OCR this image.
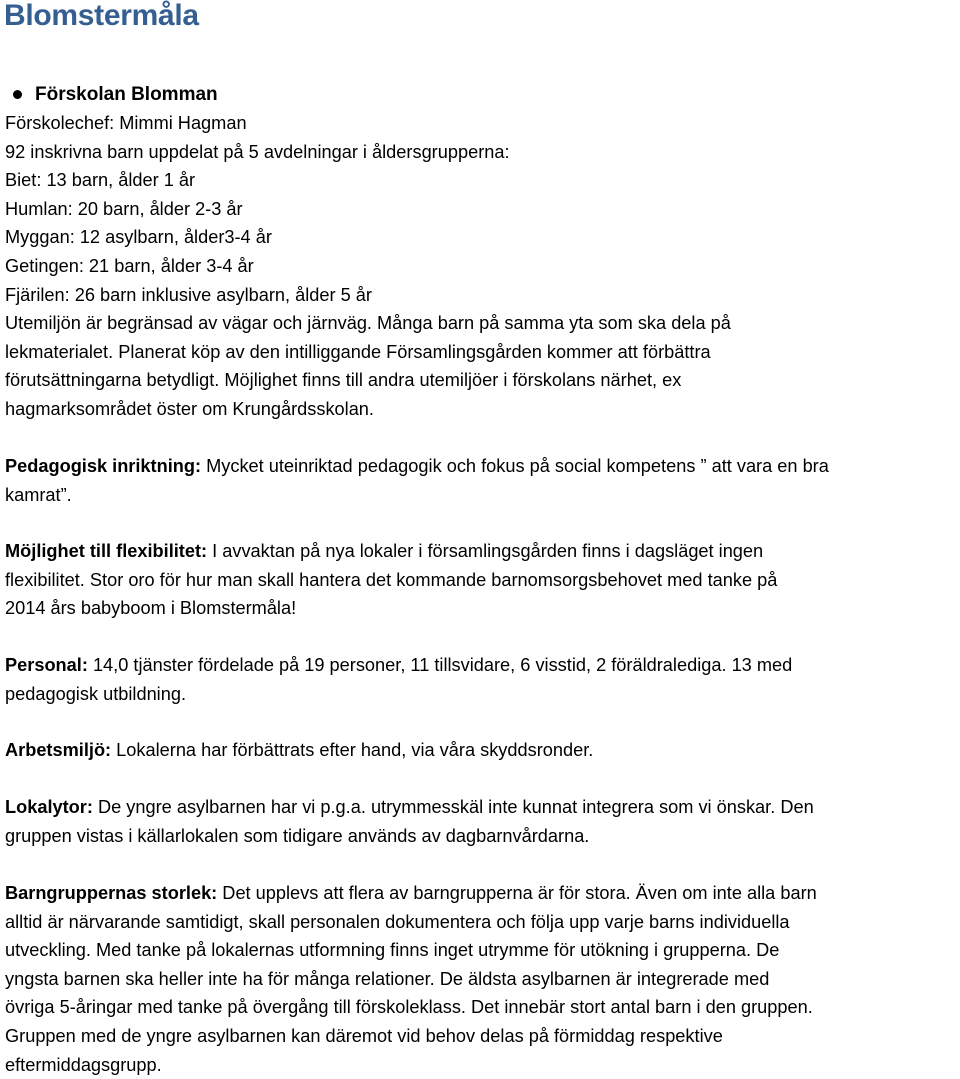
Blomstermåla
Förskolan Blomman
Förskolechef: Mimmi Hagman
92 inskrivna barn uppdelat på 5 avdelningar i åldersgrupperna:
Biet: 13 barn, ålder 1 år
Humlan: 20 barn, ålder 2-3 år
Myggan: 12 asylbarn, ålder3-4 år
Getingen: 21 barn, ålder 3-4 år
Fjärilen: 26 barn inklusive asylbarn, ålder 5 år
Utemiljön är begränsad av vägar och järnväg. Många barn på samma yta som ska dela på
lekmaterialet. Planerat köp av den intilliggande Församlingsgården kommer att förbättra
förutsättningarna betydligt. Möjlighet finns till andra utemiljöer i förskolans närhet, ex
hagmarksområdet öster om Krungårdsskolan.
Pedagogisk inriktning: Mycket uteinriktad pedagogik och fokus på social kompetens ” att vara en bra
kamrat”.
Möjlighet till flexibilitet: I avvaktan på nya lokaler i församlingsgården finns i dagsläget ingen
flexibilitet. Stor oro för hur man skall hantera det kommande barnomsorgsbehovet med tanke på
2014 års babyboom i Blomstermåla!
Personal: 14,0 tjänster fördelade på 19 personer, 11 tillsvidare, 6 visstid, 2 föräldralediga. 13 med
pedagogisk utbildning.
Arbetsmiljö: Lokalerna har förbättrats efter hand, via våra skyddsronder.
Lokalytor: De yngre asylbarnen har vi p.g.a. utrymmesskäl inte kunnat integrera som vi önskar. Den
gruppen vistas i källarlokalen som tidigare används av dagbarnvårdarna.
Barngruppernas storlek: Det upplevs att flera av barngrupperna är för stora. Även om inte alla barn
alltid är närvarande samtidigt, skall personalen dokumentera och följa upp varje barns individuella
utveckling. Med tanke på lokalernas utformning finns inget utrymme för utökning i grupperna. De
yngsta barnen ska heller inte ha för många relationer. De äldsta asylbarnen är integrerade med
övriga 5-åringar med tanke på övergång till förskoleklass. Det innebär stort antal barn i den gruppen.
Gruppen med de yngre asylbarnen kan däremot vid behov delas på förmiddag respektive
eftermiddagsgrupp.
